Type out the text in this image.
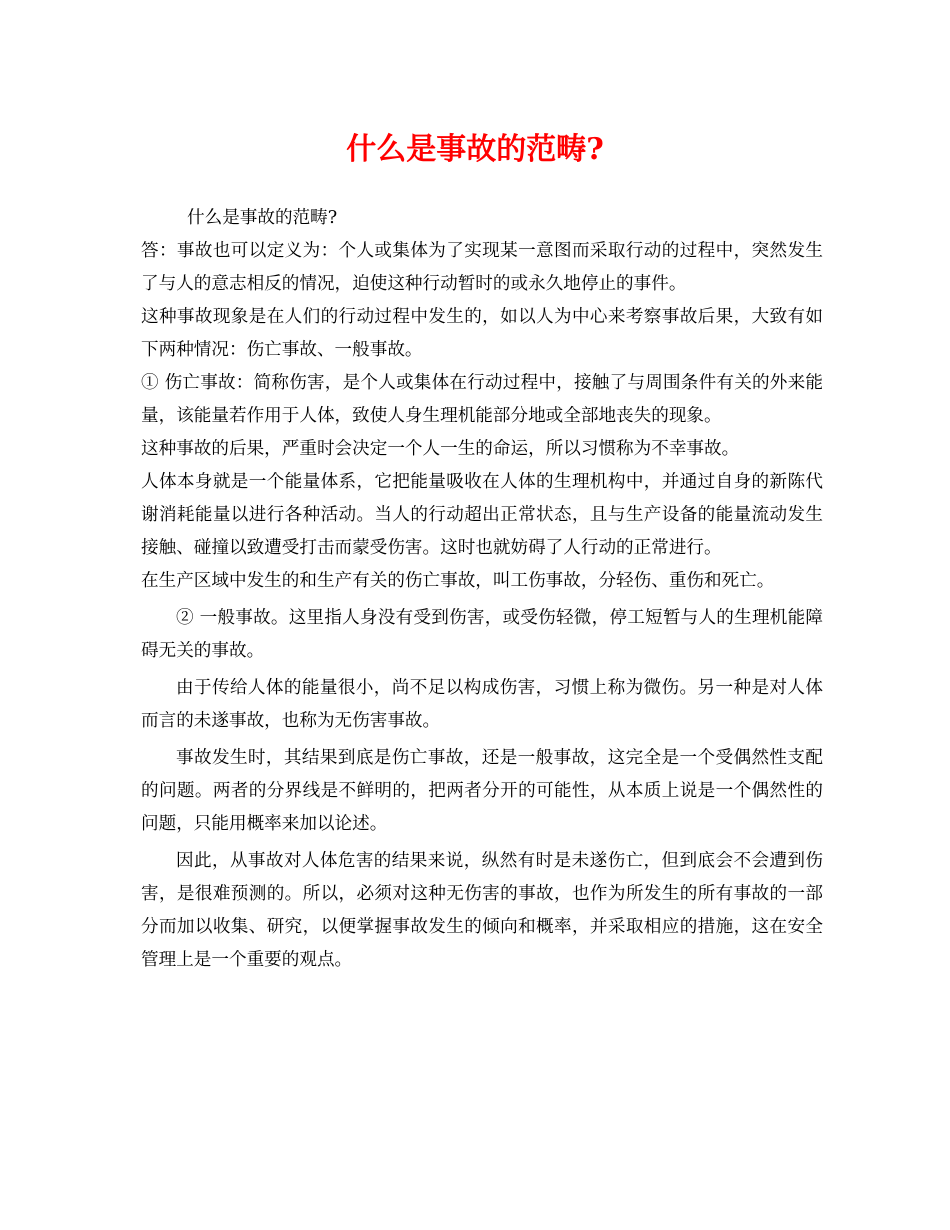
什么是事故的范畴?

什么是事故的范畴?

答：事故也可以定义为：个人或集体为了实现某一意图而采取行动的过程中，突然发生了与人的意志相反的情况，迫使这种行动暂时的或永久地停止的事件。

这种事故现象是在人们的行动过程中发生的，如以人为中心来考察事故后果，大致有如下两种情况：伤亡事故、一般事故。

① 伤亡事故：简称伤害，是个人或集体在行动过程中，接触了与周围条件有关的外来能量，该能量若作用于人体，致使人身生理机能部分地或全部地丧失的现象。

这种事故的后果，严重时会决定一个人一生的命运，所以习惯称为不幸事故。

人体本身就是一个能量体系，它把能量吸收在人体的生理机构中，并通过自身的新陈代谢消耗能量以进行各种活动。当人的行动超出正常状态，且与生产设备的能量流动发生接触、碰撞以致遭受打击而蒙受伤害。这时也就妨碍了人行动的正常进行。

在生产区域中发生的和生产有关的伤亡事故，叫工伤事故，分轻伤、重伤和死亡。

② 一般事故。这里指人身没有受到伤害，或受伤轻微，停工短暂与人的生理机能障碍无关的事故。

由于传给人体的能量很小，尚不足以构成伤害，习惯上称为微伤。另一种是对人体而言的未遂事故，也称为无伤害事故。

事故发生时，其结果到底是伤亡事故，还是一般事故，这完全是一个受偶然性支配的问题。两者的分界线是不鲜明的，把两者分开的可能性，从本质上说是一个偶然性的问题，只能用概率来加以论述。

因此，从事故对人体危害的结果来说，纵然有时是未遂伤亡，但到底会不会遭到伤害，是很难预测的。所以，必须对这种无伤害的事故，也作为所发生的所有事故的一部分而加以收集、研究，以便掌握事故发生的倾向和概率，并采取相应的措施，这在安全管理上是一个重要的观点。
